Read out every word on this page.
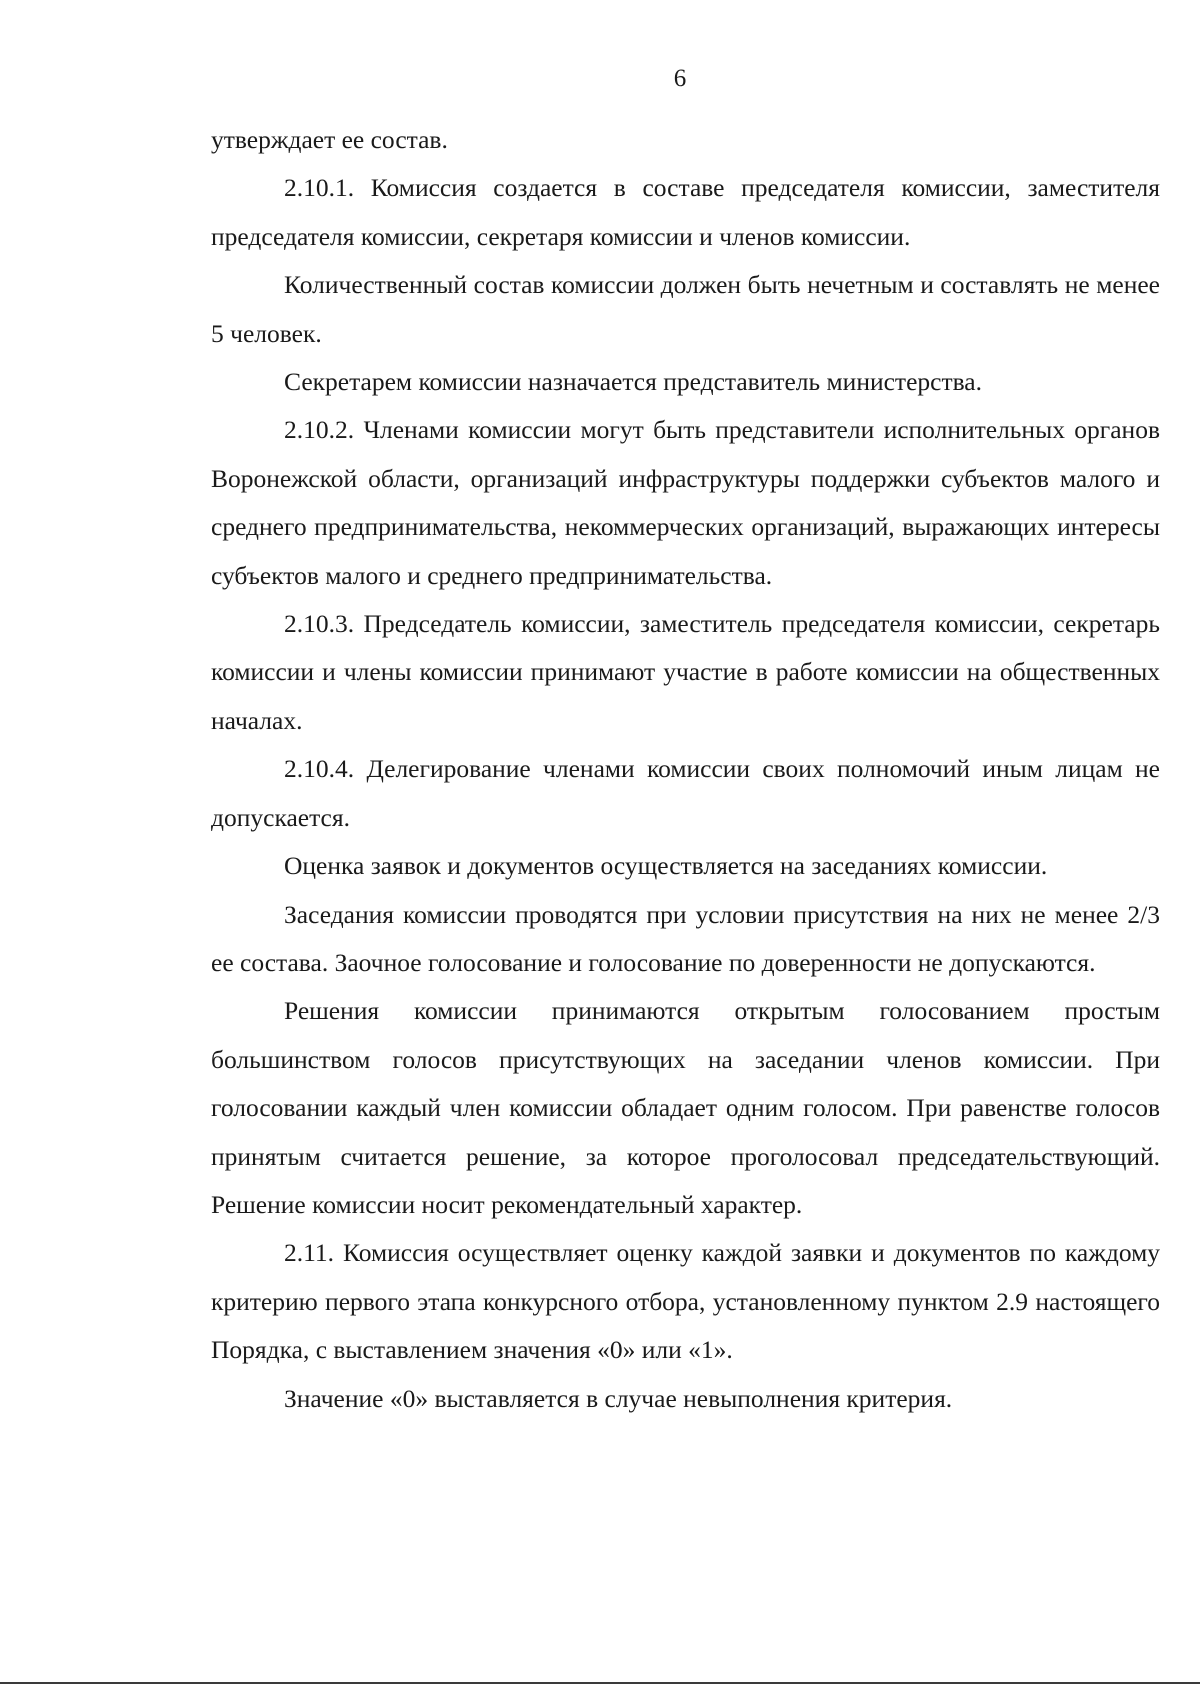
6

утверждает ее состав.

2.10.1. Комиссия создается в составе председателя комиссии, заместителя председателя комиссии, секретаря комиссии и членов комиссии.

Количественный состав комиссии должен быть нечетным и составлять не менее 5 человек.

Секретарем комиссии назначается представитель министерства.

2.10.2. Членами комиссии могут быть представители исполнительных органов Воронежской области, организаций инфраструктуры поддержки субъектов малого и среднего предпринимательства, некоммерческих организаций, выражающих интересы субъектов малого и среднего предпринимательства.

2.10.3. Председатель комиссии, заместитель председателя комиссии, секретарь комиссии и члены комиссии принимают участие в работе комиссии на общественных началах.

2.10.4. Делегирование членами комиссии своих полномочий иным лицам не допускается.

Оценка заявок и документов осуществляется на заседаниях комиссии.

Заседания комиссии проводятся при условии присутствия на них не менее 2/3 ее состава. Заочное голосование и голосование по доверенности не допускаются.

Решения комиссии принимаются открытым голосованием простым большинством голосов присутствующих на заседании членов комиссии. При голосовании каждый член комиссии обладает одним голосом. При равенстве голосов принятым считается решение, за которое проголосовал председательствующий. Решение комиссии носит рекомендательный характер.

2.11. Комиссия осуществляет оценку каждой заявки и документов по каждому критерию первого этапа конкурсного отбора, установленному пунктом 2.9 настоящего Порядка, с выставлением значения «0» или «1».

Значение «0» выставляется в случае невыполнения критерия.
